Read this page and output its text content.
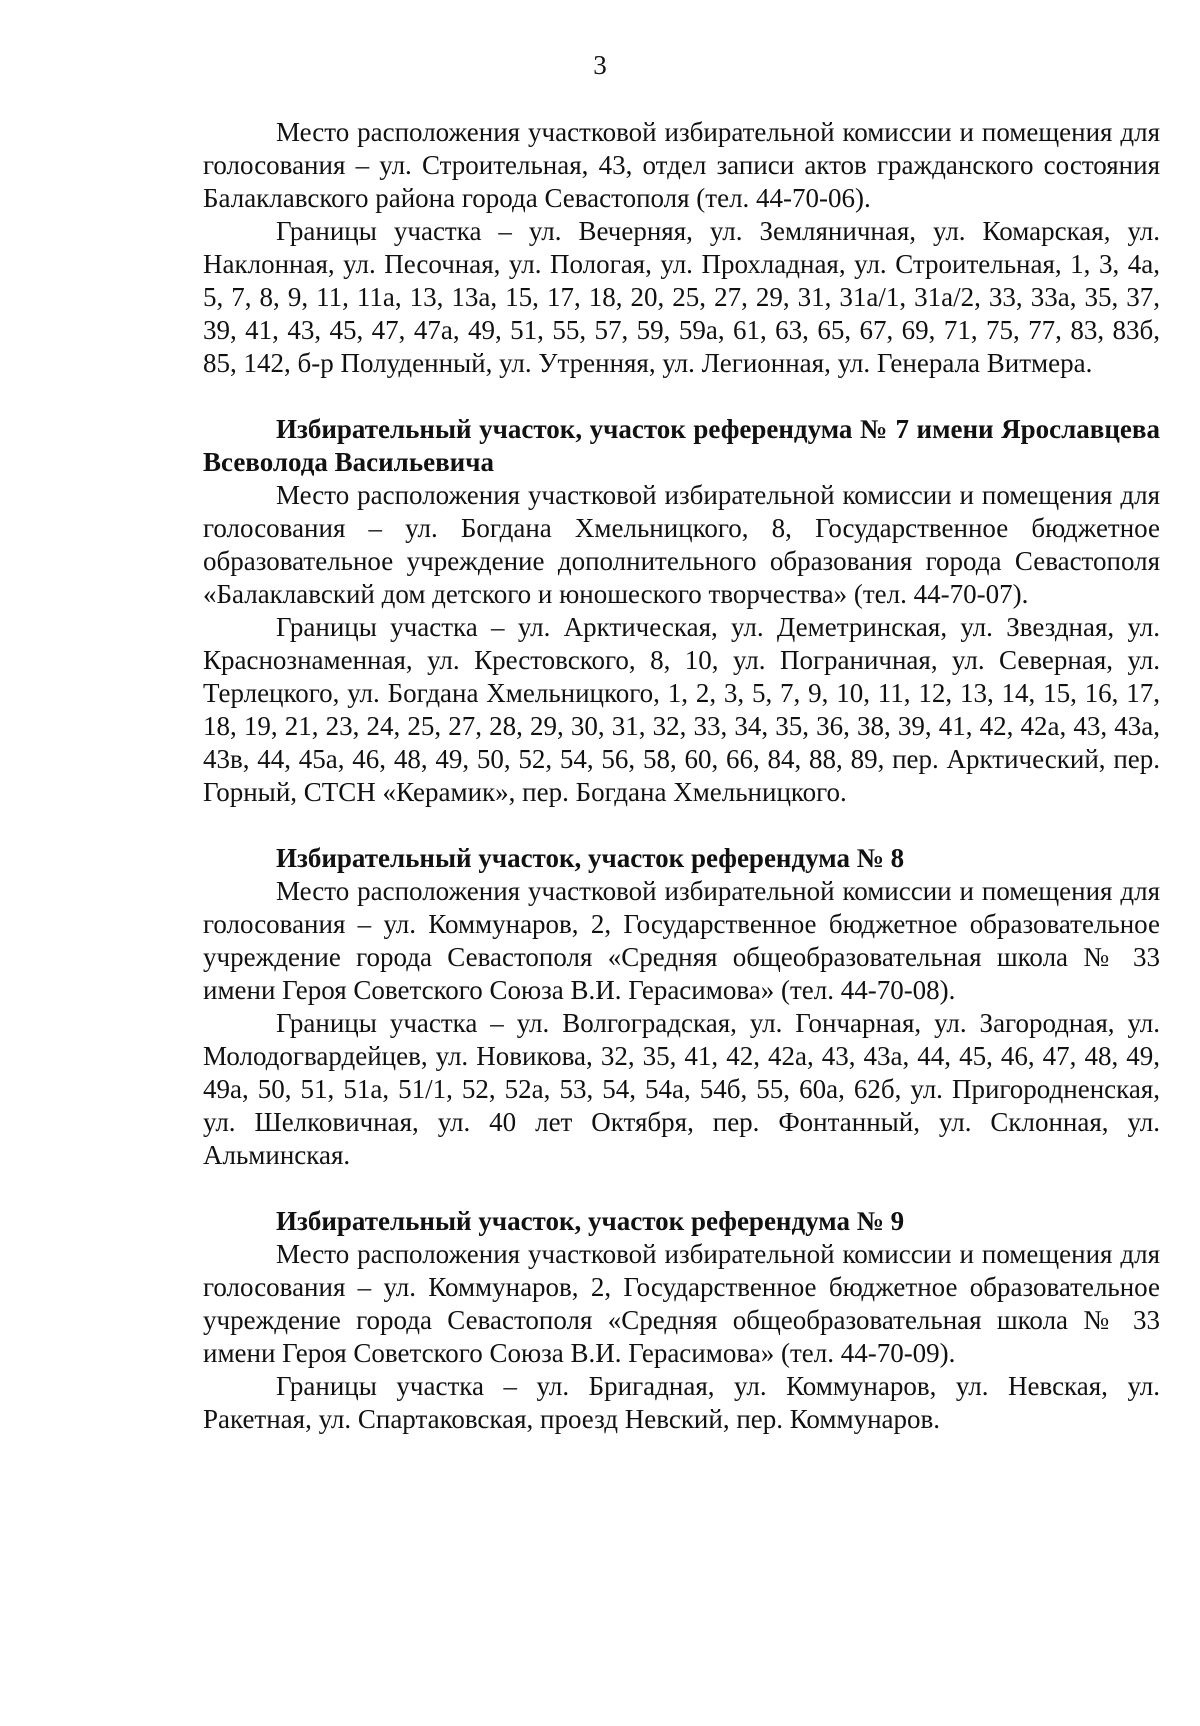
3

Место расположения участковой избирательной комиссии и помещения для голосования – ул. Строительная, 43, отдел записи актов гражданского состояния Балаклавского района города Севастополя (тел. 44-70-06).

Границы участка – ул. Вечерняя, ул. Земляничная, ул. Комарская, ул. Наклонная, ул. Песочная, ул. Пологая, ул. Прохладная, ул. Строительная, 1, 3, 4а, 5, 7, 8, 9, 11, 11а, 13, 13а, 15, 17, 18, 20, 25, 27, 29, 31, 31а/1, 31а/2, 33, 33а, 35, 37, 39, 41, 43, 45, 47, 47а, 49, 51, 55, 57, 59, 59а, 61, 63, 65, 67, 69, 71, 75, 77, 83, 83б, 85, 142, б-р Полуденный, ул. Утренняя, ул. Легионная, ул. Генерала Витмера.

Избирательный участок, участок референдума № 7 имени Ярославцева Всеволода Васильевича

Место расположения участковой избирательной комиссии и помещения для голосования – ул. Богдана Хмельницкого, 8, Государственное бюджетное образовательное учреждение дополнительного образования города Севастополя «Балаклавский дом детского и юношеского творчества» (тел. 44-70-07).

Границы участка – ул. Арктическая, ул. Деметринская, ул. Звездная, ул. Краснознаменная, ул. Крестовского, 8, 10, ул. Пограничная, ул. Северная, ул. Терлецкого, ул. Богдана Хмельницкого, 1, 2, 3, 5, 7, 9, 10, 11, 12, 13, 14, 15, 16, 17, 18, 19, 21, 23, 24, 25, 27, 28, 29, 30, 31, 32, 33, 34, 35, 36, 38, 39, 41, 42, 42а, 43, 43а, 43в, 44, 45а, 46, 48, 49, 50, 52, 54, 56, 58, 60, 66, 84, 88, 89, пер. Арктический, пер. Горный, СТСН «Керамик», пер. Богдана Хмельницкого.

Избирательный участок, участок референдума № 8

Место расположения участковой избирательной комиссии и помещения для голосования – ул. Коммунаров, 2, Государственное бюджетное образовательное учреждение города Севастополя «Средняя общеобразовательная школа № 33 имени Героя Советского Союза В.И. Герасимова» (тел. 44-70-08).

Границы участка – ул. Волгоградская, ул. Гончарная, ул. Загородная, ул. Молодогвардейцев, ул. Новикова, 32, 35, 41, 42, 42а, 43, 43а, 44, 45, 46, 47, 48, 49, 49а, 50, 51, 51а, 51/1, 52, 52а, 53, 54, 54а, 54б, 55, 60а, 62б, ул. Пригородненская, ул. Шелковичная, ул. 40 лет Октября, пер. Фонтанный, ул. Склонная, ул. Альминская.

Избирательный участок, участок референдума № 9

Место расположения участковой избирательной комиссии и помещения для голосования – ул. Коммунаров, 2, Государственное бюджетное образовательное учреждение города Севастополя «Средняя общеобразовательная школа № 33 имени Героя Советского Союза В.И. Герасимова» (тел. 44-70-09).

Границы участка – ул. Бригадная, ул. Коммунаров, ул. Невская, ул. Ракетная, ул. Спартаковская, проезд Невский, пер. Коммунаров.
